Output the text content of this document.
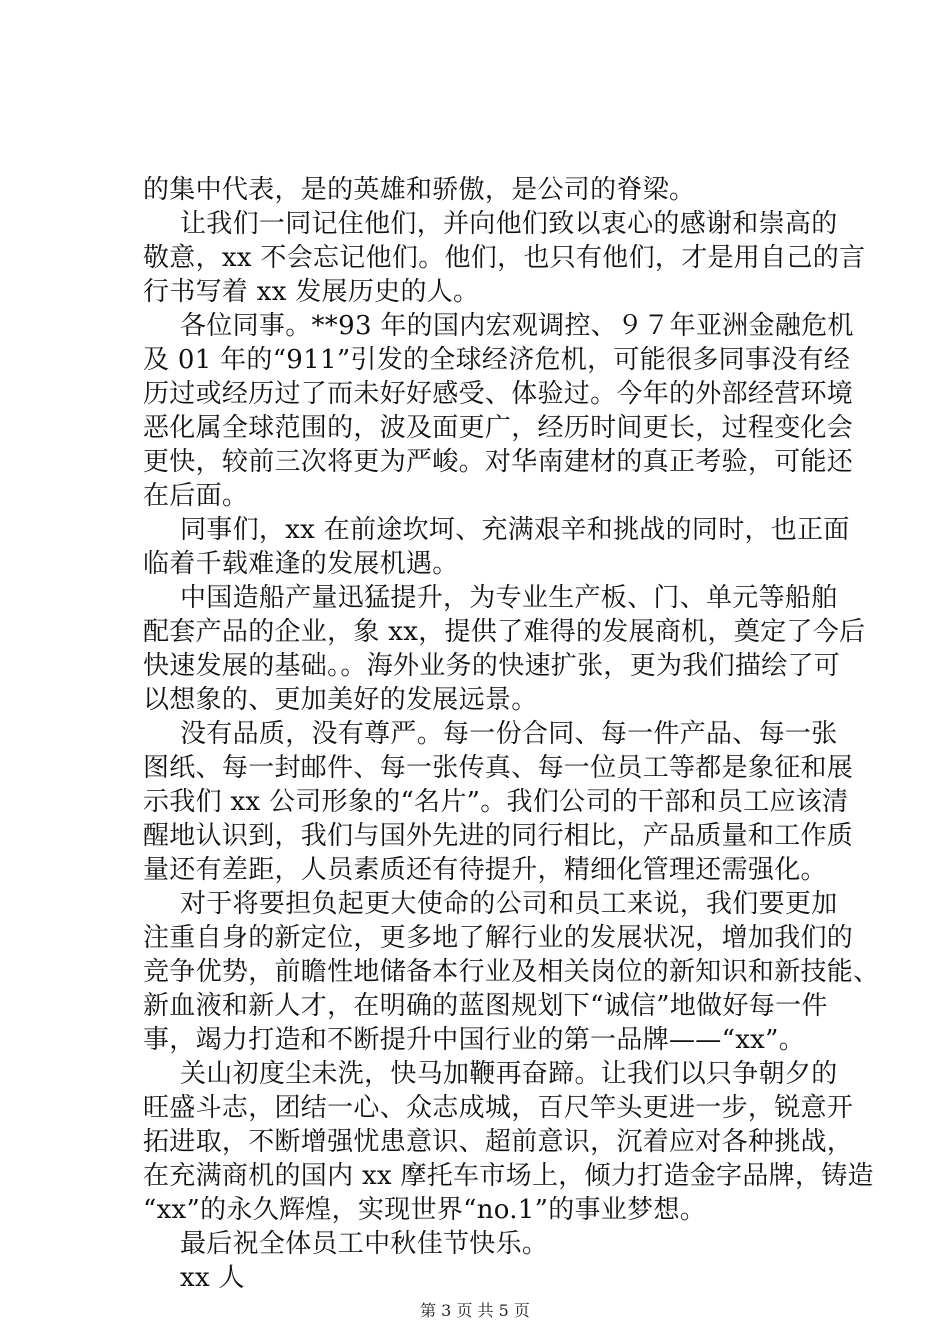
的集中代表，是的英雄和骄傲，是公司的脊梁。
让我们一同记住他们，并向他们致以衷心的感谢和崇高的
敬意，xx 不会忘记他们。他们，也只有他们，才是用自己的言
行书写着 xx 发展历史的人。
各位同事。**93 年的国内宏观调控、９７年亚洲金融危机
及 01 年的“911”引发的全球经济危机，可能很多同事没有经
历过或经历过了而未好好感受、体验过。今年的外部经营环境
恶化属全球范围的，波及面更广，经历时间更长，过程变化会
更快，较前三次将更为严峻。对华南建材的真正考验，可能还
在后面。
同事们，xx 在前途坎坷、充满艰辛和挑战的同时，也正面
临着千载难逢的发展机遇。
中国造船产量迅猛提升，为专业生产板、门、单元等船舶
配套产品的企业，象 xx，提供了难得的发展商机，奠定了今后
快速发展的基础。。海外业务的快速扩张，更为我们描绘了可
以想象的、更加美好的发展远景。
没有品质，没有尊严。每一份合同、每一件产品、每一张
图纸、每一封邮件、每一张传真、每一位员工等都是象征和展
示我们 xx 公司形象的“名片”。我们公司的干部和员工应该清
醒地认识到，我们与国外先进的同行相比，产品质量和工作质
量还有差距，人员素质还有待提升，精细化管理还需强化。
对于将要担负起更大使命的公司和员工来说，我们要更加
注重自身的新定位，更多地了解行业的发展状况，增加我们的
竞争优势，前瞻性地储备本行业及相关岗位的新知识和新技能、
新血液和新人才，在明确的蓝图规划下“诚信”地做好每一件
事，竭力打造和不断提升中国行业的第一品牌——“xx”。
关山初度尘未洗，快马加鞭再奋蹄。让我们以只争朝夕的
旺盛斗志，团结一心、众志成城，百尺竿头更进一步，锐意开
拓进取，不断增强忧患意识、超前意识，沉着应对各种挑战，
在充满商机的国内 xx 摩托车市场上，倾力打造金字品牌，铸造
“xx”的永久辉煌，实现世界“no.1”的事业梦想。
最后祝全体员工中秋佳节快乐。
xx 人
第 3 页 共 5 页
